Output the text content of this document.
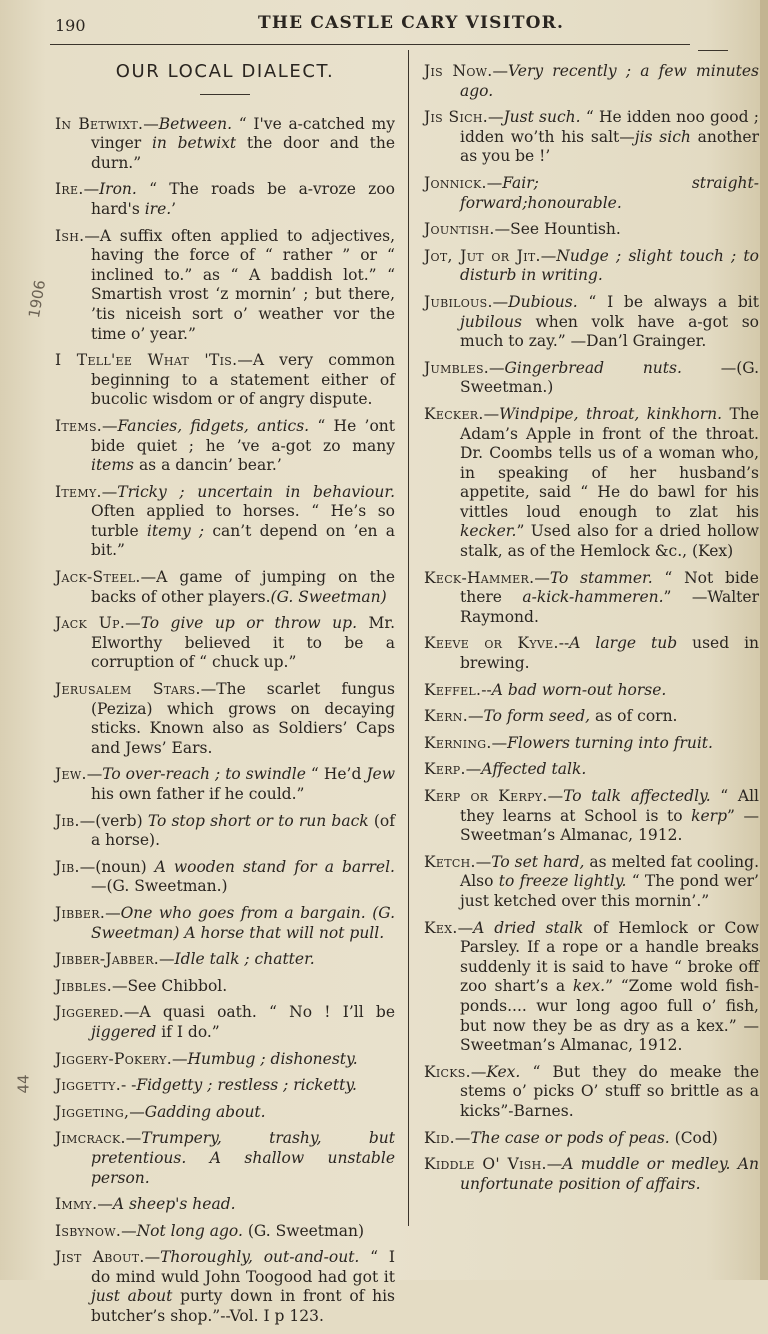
190	THE CASTLE CARY VISITOR.
1906
44
OUR LOCAL DIALECT.
In Betwixt.—Between. “ I've a-catched my vinger in betwixt the door and the durn.”
Ire.—Iron. “ The roads be a-vroze zoo hard's ire.’
Ish.—A suffix often applied to adjectives, having the force of “ rather ” or “ inclined to.” as “ A baddish lot.” “ Smartish vrost ‘z mornin’ ; but there, ’tis niceish sort o’ weather vor the time o’ year.”
I Tell'ee What 'Tis.—A very common beginning to a statement either of bucolic wisdom or of angry dispute.
Items.—Fancies, fidgets, antics. “ He ’ont bide quiet ; he ’ve a-got zo many items as a dancin’ bear.’
Itemy.—Tricky ; uncertain in behaviour. Often applied to horses. “ He’s so turble itemy ; can’t depend on ’en a bit.”
Jack-Steel.—A game of jumping on the backs of other players.(G. Sweetman)
Jack Up.—To give up or throw up. Mr. Elworthy believed it to be a corruption of “ chuck up.”
Jerusalem Stars.—The scarlet fungus (Peziza) which grows on decaying sticks. Known also as Soldiers’ Caps and Jews’ Ears.
Jew.—To over-reach ; to swindle “ He’d Jew his own father if he could.”
Jib.—(verb) To stop short or to run back (of a horse).
Jib.—(noun) A wooden stand for a barrel. —(G. Sweetman.)
Jibber.—One who goes from a bargain. (G. Sweetman) A horse that will not pull.
Jibber-Jabber.—Idle talk ; chatter.
Jibbles.—See Chibbol.
Jiggered.—A quasi oath. “ No ! I’ll be jiggered if I do.”
Jiggery-Pokery.—Humbug ; dishonesty.
Jiggetty.- -Fidgetty ; restless ; ricketty.
Jiggeting,—Gadding about.
Jimcrack.—Trumpery, trashy, but pretentious. A shallow unstable person.
Immy.—A sheep's head.
Isbynow.—Not long ago. (G. Sweetman)
Jist About.—Thoroughly, out-and-out. “ I do mind wuld John Toogood had got it just about purty down in front of his butcher’s shop.”--Vol. I p 123.
Jis Now.—Very recently ; a few minutes ago.
Jis Sich.—Just such. “ He idden noo good ; idden wo’th his salt—jis sich another as you be !’
Jonnick.—Fair; straight-forward;honourable.
Jountish.—See Hountish.
Jot, Jut or Jit.—Nudge ; slight touch ; to disturb in writing.
Jubilous.—Dubious. “ I be always a bit jubilous when volk have a-got so much to zay.” —Dan’l Grainger.
Jumbles.—Gingerbread nuts. —(G. Sweetman.)
Kecker.—Windpipe, throat, kinkhorn. The Adam’s Apple in front of the throat. Dr. Coombs tells us of a woman who, in speaking of her husband’s appetite, said “ He do bawl for his vittles loud enough to zlat his kecker.” Used also for a dried hollow stalk, as of the Hemlock &c., (Kex)
Keck-Hammer.—To stammer. “ Not bide there a-kick-hammeren.” —Walter Raymond.
Keeve or Kyve.--A large tub used in brewing.
Keffel.--A bad worn-out horse.
Kern.—To form seed, as of corn.
Kerning.—Flowers turning into fruit.
Kerp.—Affected talk.
Kerp or Kerpy.—To talk affectedly. “ All they learns at School is to kerp” —Sweetman’s Almanac, 1912.
Ketch.—To set hard, as melted fat cooling. Also to freeze lightly. “ The pond wer’ just ketched over this mornin’.”
Kex.—A dried stalk of Hemlock or Cow Parsley. If a rope or a handle breaks suddenly it is said to have “ broke off zoo shart’s a kex.” “Zome wold fish-ponds.... wur long agoo full o’ fish, but now they be as dry as a kex.” —Sweetman’s Almanac, 1912.
Kicks.—Kex. “ But they do meake the stems o’ picks O’ stuff so brittle as a kicks”-Barnes.
Kid.—The case or pods of peas. (Cod)
Kiddle O' Vish.—A muddle or medley. An unfortunate position of affairs.
